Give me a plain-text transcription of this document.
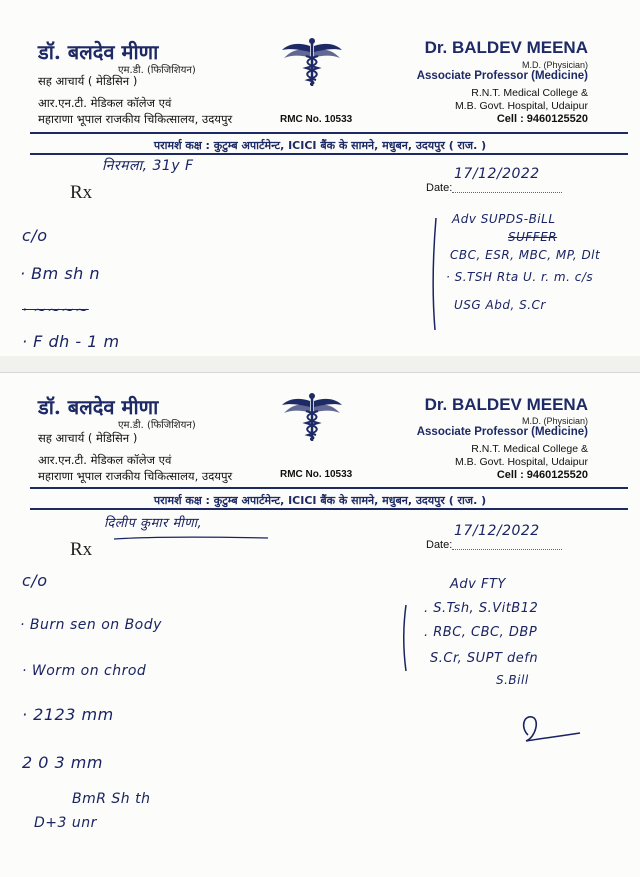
डॉ. बलदेव मीणा
एम.डी. (फिजिशियन)
सह आचार्य ( मेडिसिन )
आर.एन.टी. मेडिकल कॉलेज एवं
महाराणा भूपाल राजकीय चिकित्सालय, उदयपुर	RMC No. 10533
Dr. BALDEV MEENA
M.D. (Physician)
Associate Professor (Medicine)
R.N.T. Medical College &
M.B. Govt. Hospital, Udaipur
Cell : 9460125520
परामर्श कक्ष : कुटुम्ब अपार्टमेन्ट, ICICI बैंक के सामने, मधुबन, उदयपुर ( राज. )
निरमला, 31y F
Rx	Date:
17/12/2022
c/o
· Bm sh n
· ~~~~
· F dh - 1 m
Adv SUPDS-BiLL
SUFFER
CBC, ESR, MBC, MP, Dlt
· S.TSH Rta U. r. m. c/s
USG Abd, S.Cr
डॉ. बलदेव मीणा
एम.डी. (फिजिशियन)
सह आचार्य ( मेडिसिन )
आर.एन.टी. मेडिकल कॉलेज एवं
महाराणा भूपाल राजकीय चिकित्सालय, उदयपुर	RMC No. 10533
Dr. BALDEV MEENA
M.D. (Physician)
Associate Professor (Medicine)
R.N.T. Medical College &
M.B. Govt. Hospital, Udaipur
Cell : 9460125520
परामर्श कक्ष : कुटुम्ब अपार्टमेन्ट, ICICI बैंक के सामने, मधुबन, उदयपुर ( राज. )
दिलीप कुमार मीणा,
Rx	Date:
17/12/2022
c/o
· Burn sen on Body
· Worm on chrod
· 2123 mm
2 0 3 mm
BmR Sh th
D+3 unr
Adv FTY
. S.Tsh, S.VitB12
. RBC, CBC, DBP
S.Cr, SUPT defn
S.Bill
